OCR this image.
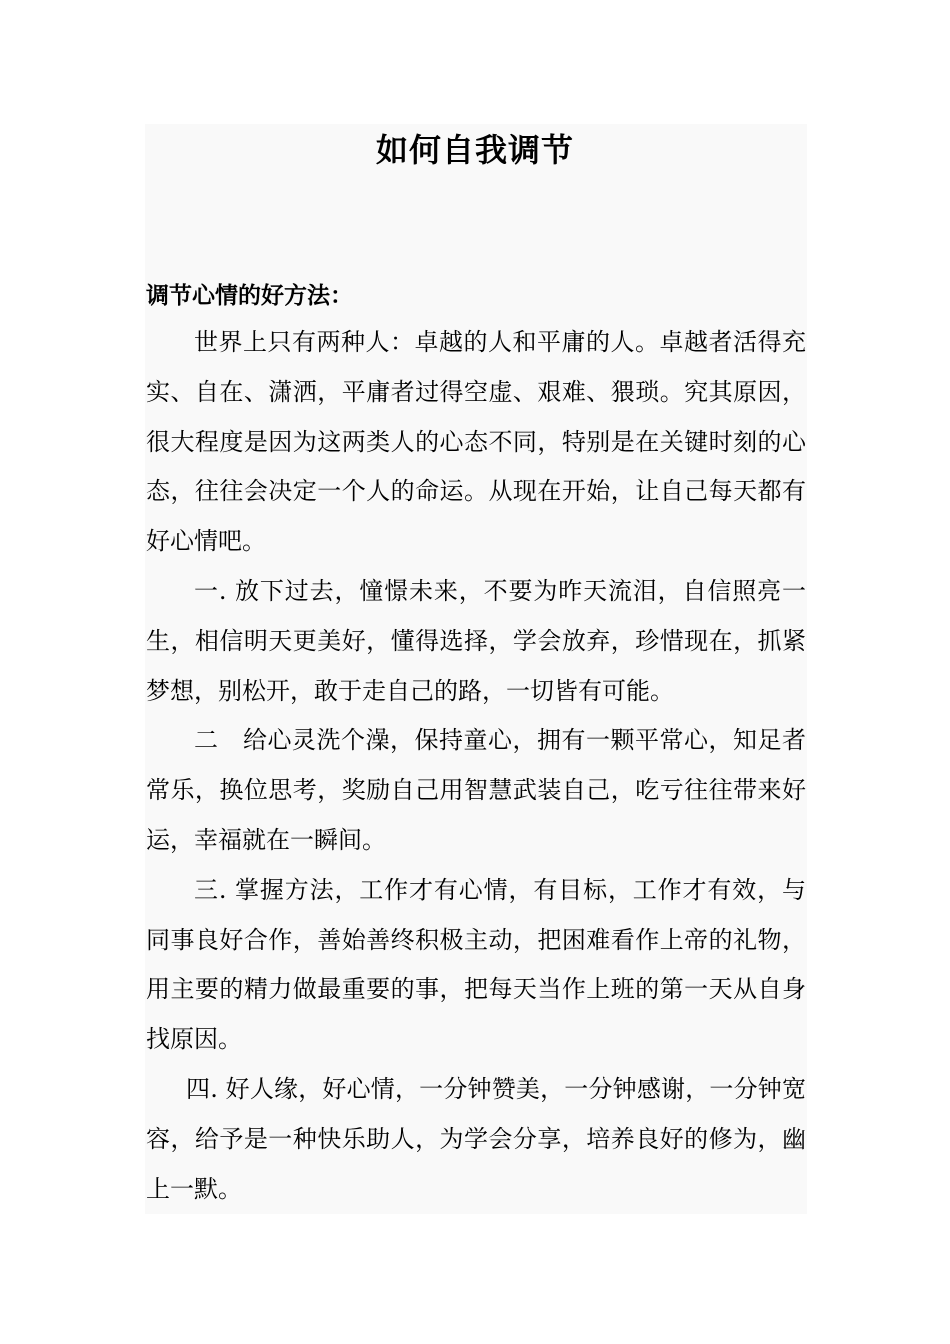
如何自我调节
调节心情的好方法：

世界上只有两种人：卓越的人和平庸的人。卓越者活得充实、自在、潇洒，平庸者过得空虚、艰难、猥琐。究其原因，很大程度是因为这两类人的心态不同，特别是在关键时刻的心态，往往会决定一个人的命运。从现在开始，让自己每天都有好心情吧。

一. 放下过去，憧憬未来，不要为昨天流泪，自信照亮一生，相信明天更美好，懂得选择，学会放弃，珍惜现在，抓紧梦想，别松开，敢于走自己的路，一切皆有可能。

二　给心灵洗个澡，保持童心，拥有一颗平常心，知足者常乐，换位思考，奖励自己用智慧武装自己，吃亏往往带来好运，幸福就在一瞬间。

三. 掌握方法，工作才有心情，有目标，工作才有效，与同事良好合作，善始善终积极主动，把困难看作上帝的礼物，用主要的精力做最重要的事，把每天当作上班的第一天从自身找原因。

四. 好人缘，好心情，一分钟赞美，一分钟感谢，一分钟宽容，给予是一种快乐助人，为学会分享，培养良好的修为，幽上一默。
